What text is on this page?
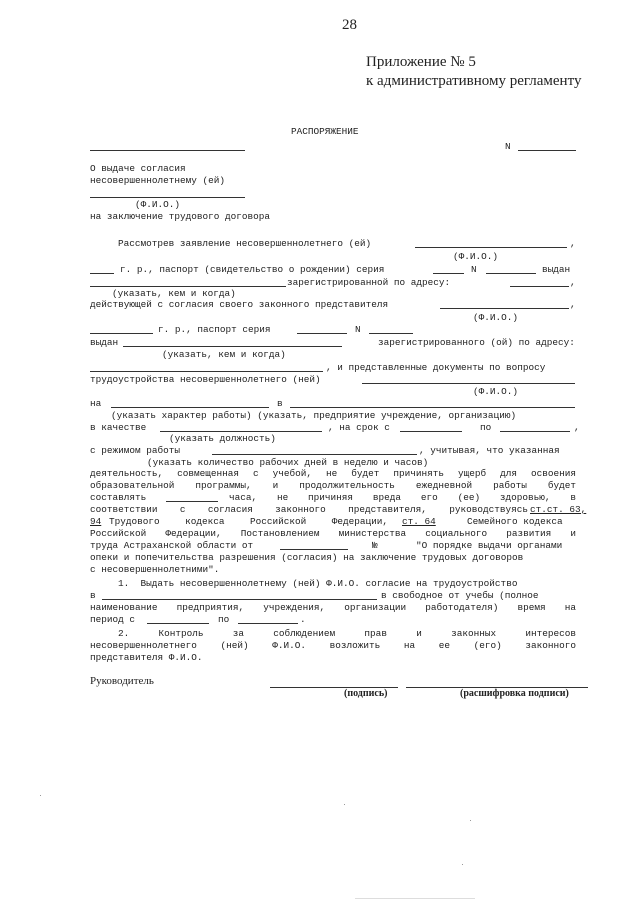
28
Приложение № 5
к административному регламенту
РАСПОРЯЖЕНИЕ
N
О выдаче согласия
несовершеннолетнему (ей)
(Ф.И.О.)
на заключение трудового договора
Рассмотрев заявление несовершеннолетнего (ей)	,
(Ф.И.О.)
г. р., паспорт (свидетельство о рождении) серия	N	выдан
зарегистрированной по адресу:	,
(указать, кем и когда)
действующей с согласия своего законного представителя	,
(Ф.И.О.)
г. р., паспорт серия	N
выдан	зарегистрированного (ой) по адресу:
(указать, кем и когда)
, и представленные документы по вопросу
трудоустройства несовершеннолетнего (ней)
(Ф.И.О.)
на	в
(указать характер работы) (указать, предприятие учреждение, организацию)
в качестве	, на срок с	по	,
(указать должность)
с режимом работы	, учитывая, что указанная
(указать количество рабочих дней в неделю и часов)
деятельность, совмещенная с учебой, не будет причинять ущерб для освоения
образовательной программы, и продолжительность ежедневной работы будет
составлять	часа, не причиняя вреда его (ее) здоровью, в
соответствии с согласия законного представителя, руководствуясь ст.ст. 63,
94 Трудового кодекса Российской Федерации, ст. 64	Семейного кодекса
Российской Федерации, Постановлением министерства социального развития и
труда Астраханской области от	№	"О порядке выдачи органами
опеки и попечительства разрешения (согласия) на заключение трудовых договоров
с несовершеннолетними".
1.  Выдать несовершеннолетнему (ней) Ф.И.О. согласие на трудоустройство
в	в свободное от учебы (полное
наименование предприятия, учреждения, организации работодателя) время на
период с	по	.
2. Контроль за соблюдением прав и законных интересов
несовершеннолетнего (ней) Ф.И.О. возложить на ее (его) законного
представителя Ф.И.О.
Руководитель
(подпись)	(расшифровка подписи)
